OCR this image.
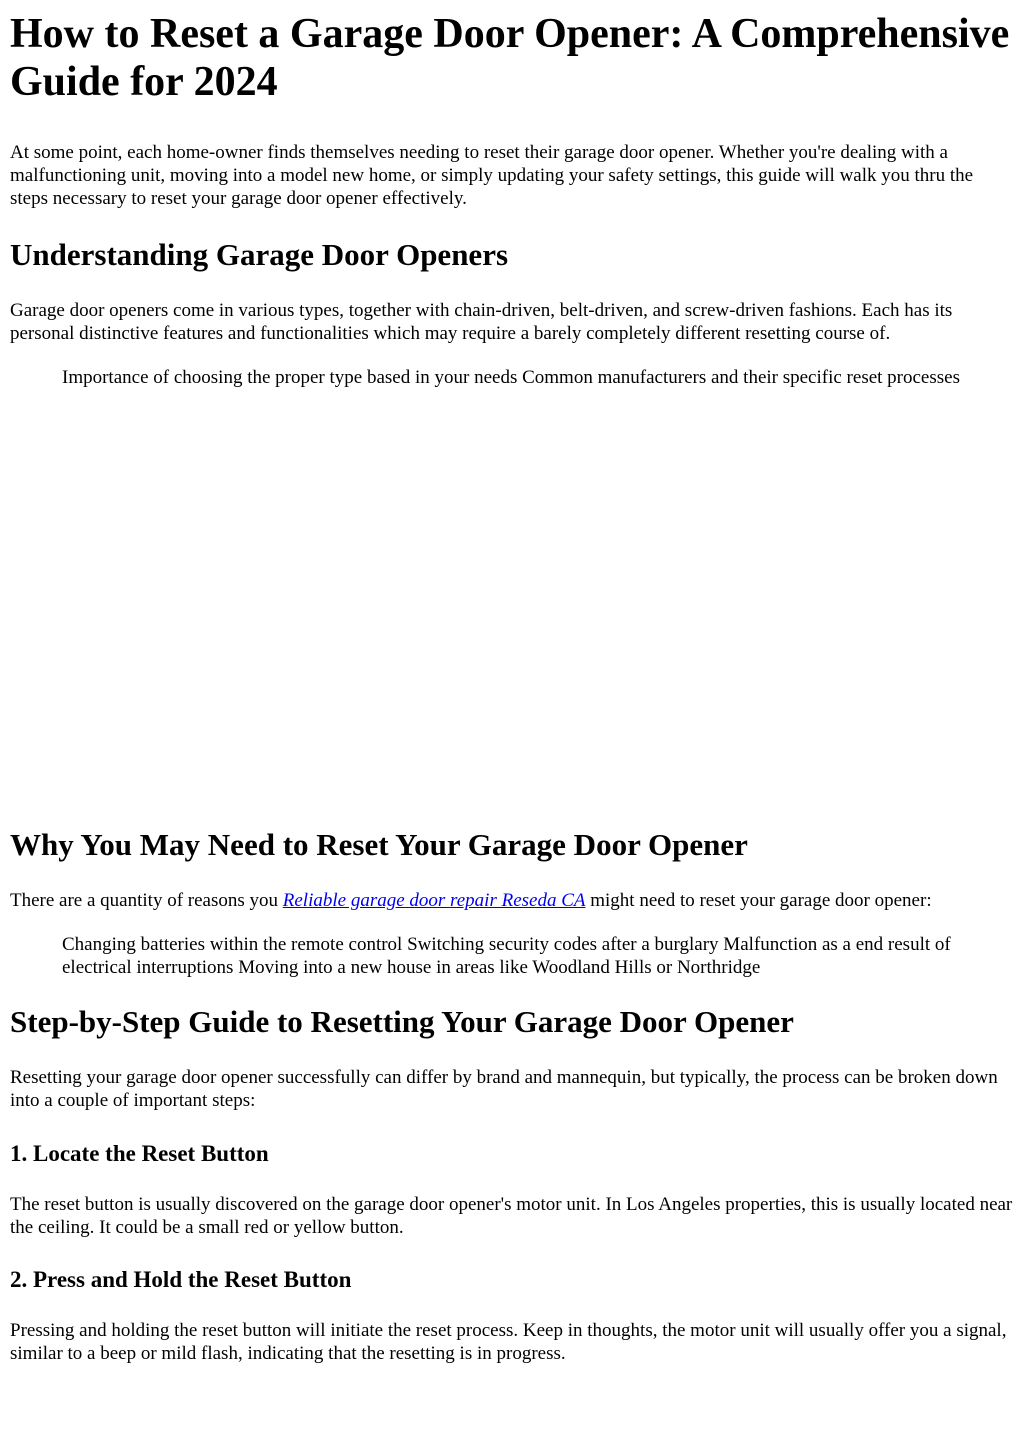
How to Reset a Garage Door Opener: A Comprehensive Guide for 2024

At some point, each home-owner finds themselves needing to reset their garage door opener. Whether you're dealing with a malfunctioning unit, moving into a model new home, or simply updating your safety settings, this guide will walk you thru the steps necessary to reset your garage door opener effectively.

Understanding Garage Door Openers

Garage door openers come in various types, together with chain-driven, belt-driven, and screw-driven fashions. Each has its personal distinctive features and functionalities which may require a barely completely different resetting course of.

Importance of choosing the proper type based in your needs Common manufacturers and their specific reset processes
Why You May Need to Reset Your Garage Door Opener

There are a quantity of reasons you Reliable garage door repair Reseda CA might need to reset your garage door opener:

Changing batteries within the remote control Switching security codes after a burglary Malfunction as a end result of electrical interruptions Moving into a new house in areas like Woodland Hills or Northridge
Step-by-Step Guide to Resetting Your Garage Door Opener

Resetting your garage door opener successfully can differ by brand and mannequin, but typically, the process can be broken down into a couple of important steps:

1. Locate the Reset Button

The reset button is usually discovered on the garage door opener's motor unit. In Los Angeles properties, this is usually located near the ceiling. It could be a small red or yellow button.

2. Press and Hold the Reset Button

Pressing and holding the reset button will initiate the reset process. Keep in thoughts, the motor unit will usually offer you a signal, similar to a beep or mild flash, indicating that the resetting is in progress.
